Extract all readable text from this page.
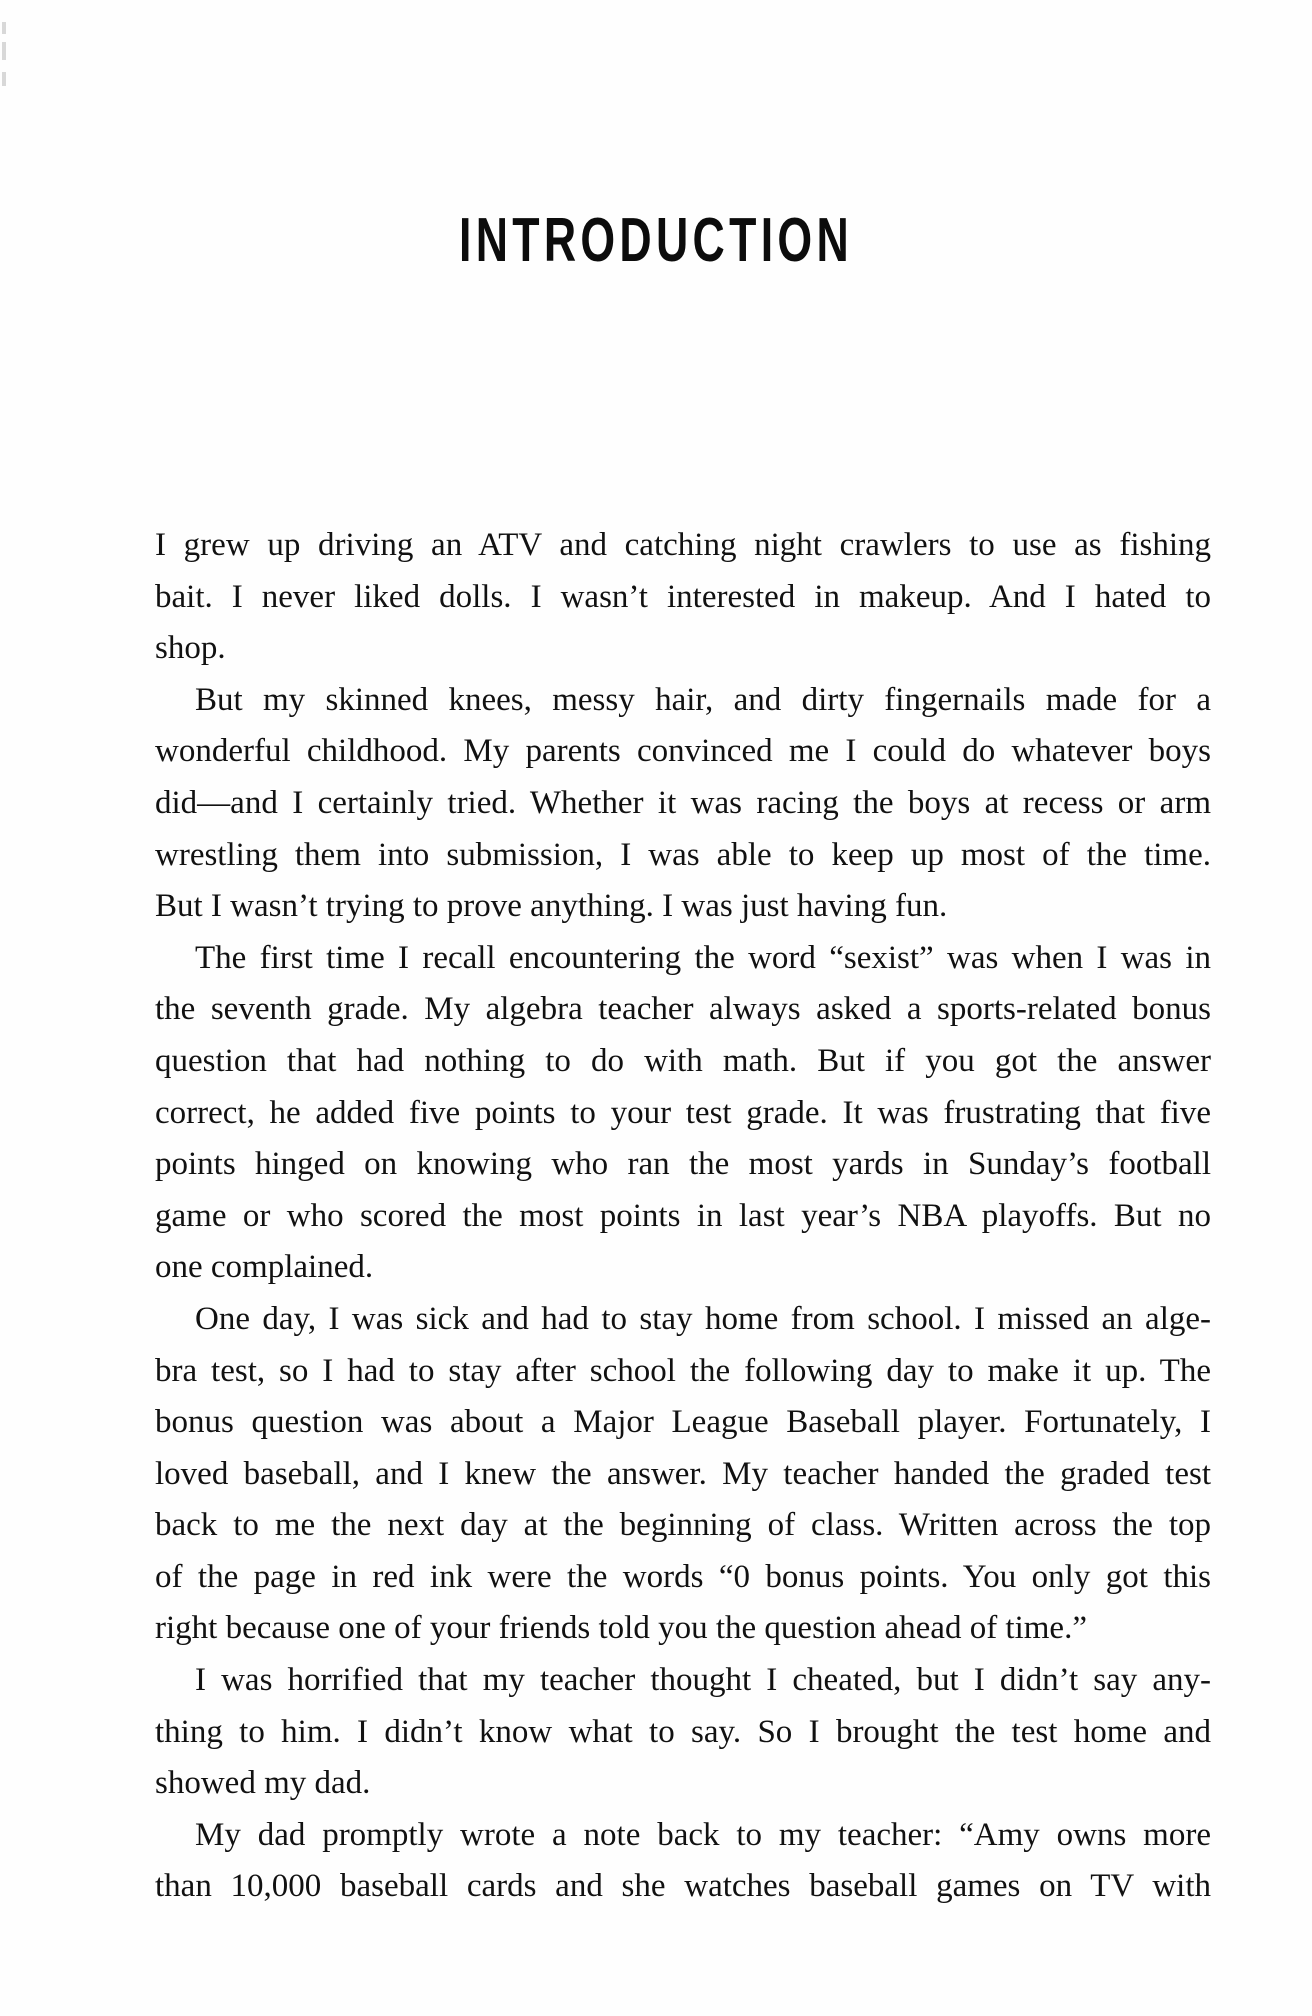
INTRODUCTION
I grew up driving an ATV and catching night crawlers to use as fishing
bait. I never liked dolls. I wasn’t interested in makeup. And I hated to
shop.
But my skinned knees, messy hair, and dirty fingernails made for a
wonderful childhood. My parents convinced me I could do whatever boys
did—and I certainly tried. Whether it was racing the boys at recess or arm
wrestling them into submission, I was able to keep up most of the time.
But I wasn’t trying to prove anything. I was just having fun.
The first time I recall encountering the word “sexist” was when I was in
the seventh grade. My algebra teacher always asked a sports-related bonus
question that had nothing to do with math. But if you got the answer
correct, he added five points to your test grade. It was frustrating that five
points hinged on knowing who ran the most yards in Sunday’s football
game or who scored the most points in last year’s NBA playoffs. But no
one complained.
One day, I was sick and had to stay home from school. I missed an alge-
bra test, so I had to stay after school the following day to make it up. The
bonus question was about a Major League Baseball player. Fortunately, I
loved baseball, and I knew the answer. My teacher handed the graded test
back to me the next day at the beginning of class. Written across the top
of the page in red ink were the words “0 bonus points. You only got this
right because one of your friends told you the question ahead of time.”
I was horrified that my teacher thought I cheated, but I didn’t say any-
thing to him. I didn’t know what to say. So I brought the test home and
showed my dad.
My dad promptly wrote a note back to my teacher: “Amy owns more
than 10,000 baseball cards and she watches baseball games on TV with
